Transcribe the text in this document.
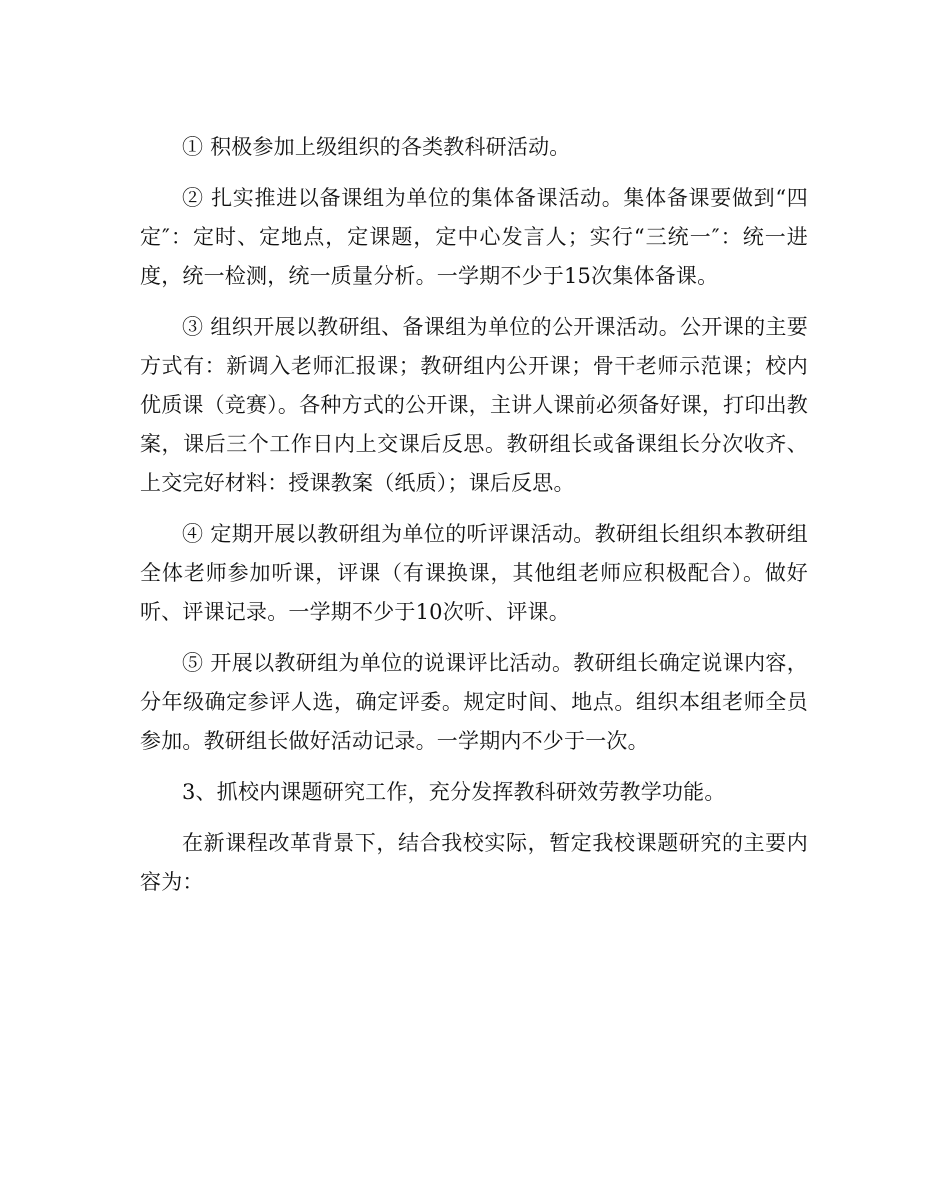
① 积极参加上级组织的各类教科研活动。

② 扎实推进以备课组为单位的集体备课活动。集体备课要做到“四定″：定时、定地点，定课题，定中心发言人；实行“三统一″：统一进度，统一检测，统一质量分析。一学期不少于15次集体备课。

③ 组织开展以教研组、备课组为单位的公开课活动。公开课的主要方式有：新调入老师汇报课；教研组内公开课；骨干老师示范课；校内优质课（竞赛）。各种方式的公开课，主讲人课前必须备好课，打印出教案，课后三个工作日内上交课后反思。教研组长或备课组长分次收齐、上交完好材料：授课教案（纸质）；课后反思。

④ 定期开展以教研组为单位的听评课活动。教研组长组织本教研组全体老师参加听课，评课（有课换课，其他组老师应积极配合）。做好听、评课记录。一学期不少于10次听、评课。

⑤ 开展以教研组为单位的说课评比活动。教研组长确定说课内容，分年级确定参评人选，确定评委。规定时间、地点。组织本组老师全员参加。教研组长做好活动记录。一学期内不少于一次。

3、抓校内课题研究工作，充分发挥教科研效劳教学功能。

在新课程改革背景下，结合我校实际，暂定我校课题研究的主要内容为：
